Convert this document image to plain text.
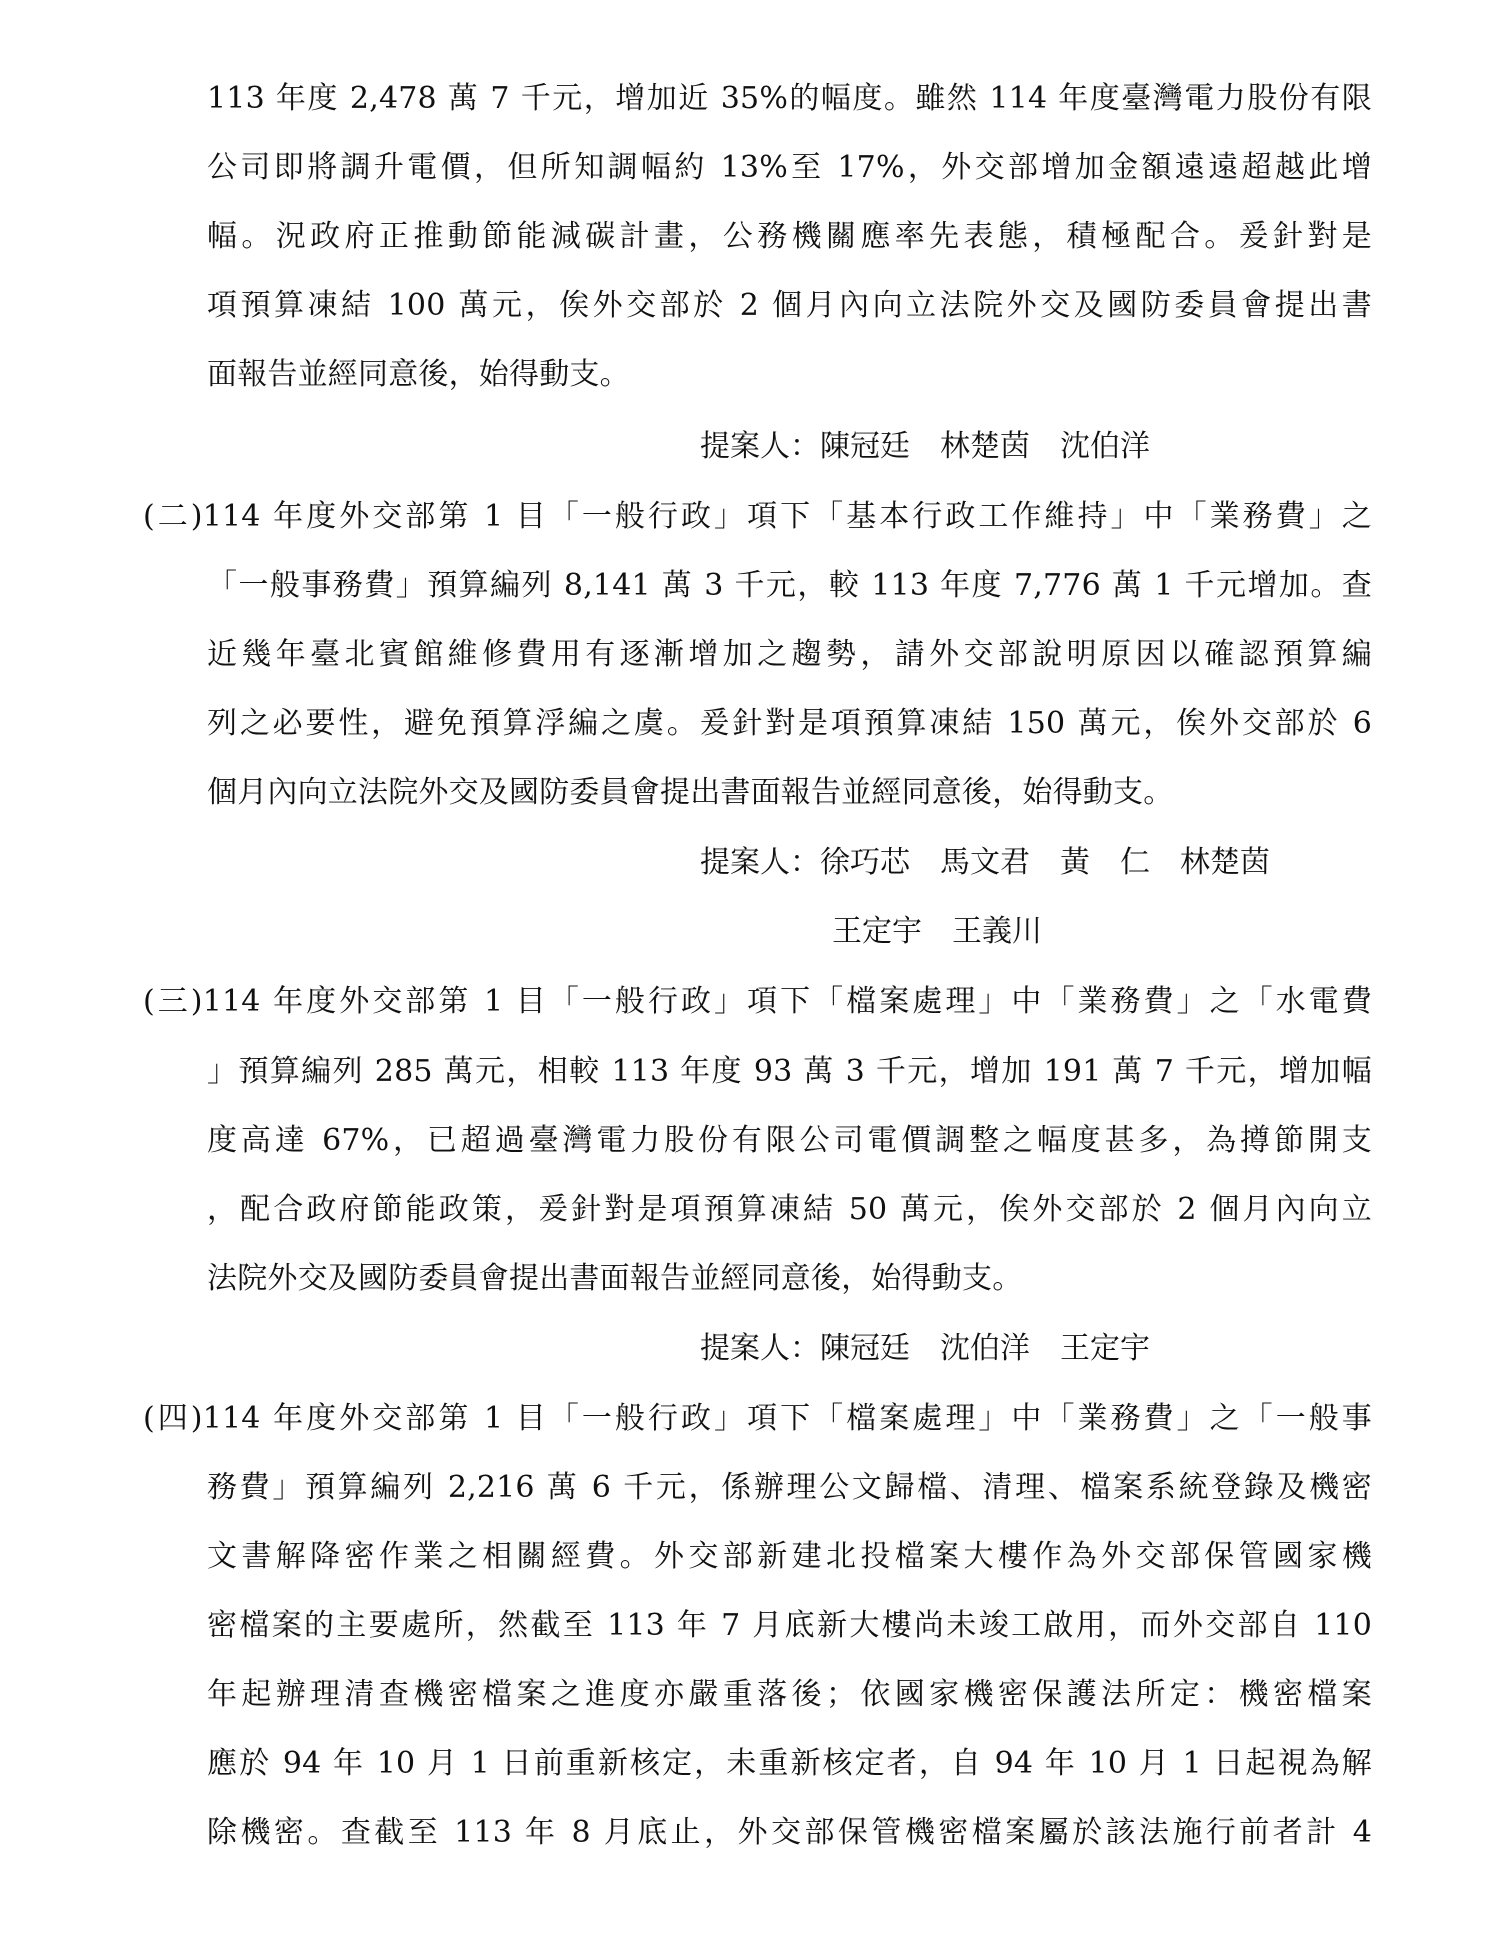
113 年度 2,478 萬 7 千元，增加近 35%的幅度。雖然 114 年度臺灣電力股份有限
公司即將調升電價，但所知調幅約 13%至 17%，外交部增加金額遠遠超越此增
幅。況政府正推動節能減碳計畫，公務機關應率先表態，積極配合。爰針對是
項預算凍結 100 萬元，俟外交部於 2 個月內向立法院外交及國防委員會提出書
面報告並經同意後，始得動支。
提案人：陳冠廷　林楚茵　沈伯洋
(二)114 年度外交部第 1 目「一般行政」項下「基本行政工作維持」中「業務費」之
「一般事務費」預算編列 8,141 萬 3 千元，較 113 年度 7,776 萬 1 千元增加。查
近幾年臺北賓館維修費用有逐漸增加之趨勢，請外交部說明原因以確認預算編
列之必要性，避免預算浮編之虞。爰針對是項預算凍結 150 萬元，俟外交部於 6
個月內向立法院外交及國防委員會提出書面報告並經同意後，始得動支。
提案人：徐巧芯　馬文君　黃　仁　林楚茵
王定宇　王義川
(三)114 年度外交部第 1 目「一般行政」項下「檔案處理」中「業務費」之「水電費
」預算編列 285 萬元，相較 113 年度 93 萬 3 千元，增加 191 萬 7 千元，增加幅
度高達 67%，已超過臺灣電力股份有限公司電價調整之幅度甚多，為撙節開支
，配合政府節能政策，爰針對是項預算凍結 50 萬元，俟外交部於 2 個月內向立
法院外交及國防委員會提出書面報告並經同意後，始得動支。
提案人：陳冠廷　沈伯洋　王定宇
(四)114 年度外交部第 1 目「一般行政」項下「檔案處理」中「業務費」之「一般事
務費」預算編列 2,216 萬 6 千元，係辦理公文歸檔、清理、檔案系統登錄及機密
文書解降密作業之相關經費。外交部新建北投檔案大樓作為外交部保管國家機
密檔案的主要處所，然截至 113 年 7 月底新大樓尚未竣工啟用，而外交部自 110
年起辦理清查機密檔案之進度亦嚴重落後；依國家機密保護法所定：機密檔案
應於 94 年 10 月 1 日前重新核定，未重新核定者，自 94 年 10 月 1 日起視為解
除機密。查截至 113 年 8 月底止，外交部保管機密檔案屬於該法施行前者計 4
